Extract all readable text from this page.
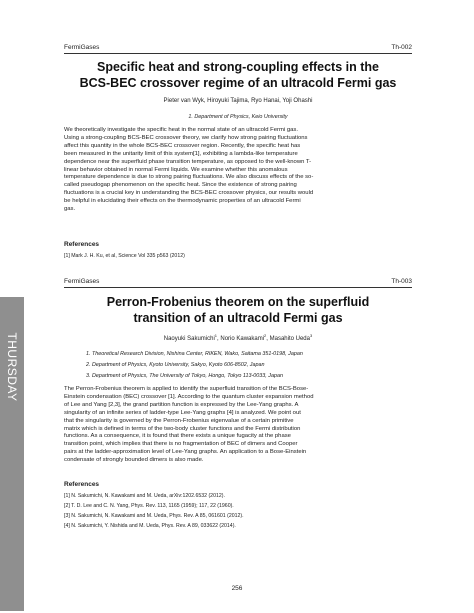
FermiGases	Th-002
Specific heat and strong-coupling effects in the
BCS-BEC crossover regime of an ultracold Fermi gas
Pieter van Wyk, Hiroyuki Tajima, Ryo Hanai, Yoji Ohashi
1. Department of Physics, Keio University
We theoretically investigate the specific heat in the normal state of an ultracold Fermi gas.
Using a strong-coupling BCS-BEC crossover theory, we clarify how strong pairing fluctuations
affect this quantity in the whole BCS-BEC crossover region. Recently, the specific heat has
been measured in the unitarity limit of this system[1], exhibiting a lambda-like temperature
dependence near the superfluid phase transition temperature, as opposed to the well-known T-
linear behavior obtained in normal Fermi liquids. We examine whether this anomalous
temperature dependence is due to strong pairing fluctuations. We also discuss effects of the so-
called pseudogap phenomenon on the specific heat. Since the existence of strong pairing
fluctuations is a crucial key in understanding the BCS-BEC crossover physics, our results would
be helpful in elucidating their effects on the thermodynamic properties of an ultracold Fermi
gas.
References
[1] Mark J. H. Ku, et al, Science Vol 335 p563 (2012)
FermiGases	Th-003
Perron-Frobenius theorem on the superfluid
transition of an ultracold Fermi gas
Naoyuki Sakumichi$^1$, Norio Kawakami$^2$, Masahito Ueda$^3$
1. Theoretical Research Division, Nishina Center, RIKEN, Wako, Saitama 351-0198, Japan
2. Department of Physics, Kyoto University, Sakyo, Kyoto 606-8502, Japan
3. Department of Physics, The University of Tokyo, Hongo, Tokyo 113-0033, Japan
The Perron-Frobenius theorem is applied to identify the superfluid transition of the BCS-Bose-
Einstein condensation (BEC) crossover [1]. According to the quantum cluster expansion method
of Lee and Yang [2,3], the grand partition function is expressed by the Lee-Yang graphs. A
singularity of an infinite series of ladder-type Lee-Yang graphs [4] is analyzed. We point out
that the singularity is governed by the Perron-Frobenius eigenvalue of a certain primitive
matrix which is defined in terms of the two-body cluster functions and the Fermi distribution
functions. As a consequence, it is found that there exists a unique fugacity at the phase
transition point, which implies that there is no fragmentation of BEC of dimers and Cooper
pairs at the ladder-approximation level of Lee-Yang graphs. An application to a Bose-Einstein
condensate of strongly bounded dimers is also made.
References
[1] N. Sakumichi, N. Kawakami and M. Ueda, arXiv:1202.6532 (2012).
[2] T. D. Lee and C. N. Yang, Phys. Rev. 113, 1165 (1959); 117, 22 (1960).
[3] N. Sakumichi, N. Kawakami and M. Ueda, Phys. Rev. A 85, 061601 (2012).
[4] N. Sakumichi, Y. Nishida and M. Ueda, Phys. Rev. A 89, 033622 (2014).
THURSDAY
256
